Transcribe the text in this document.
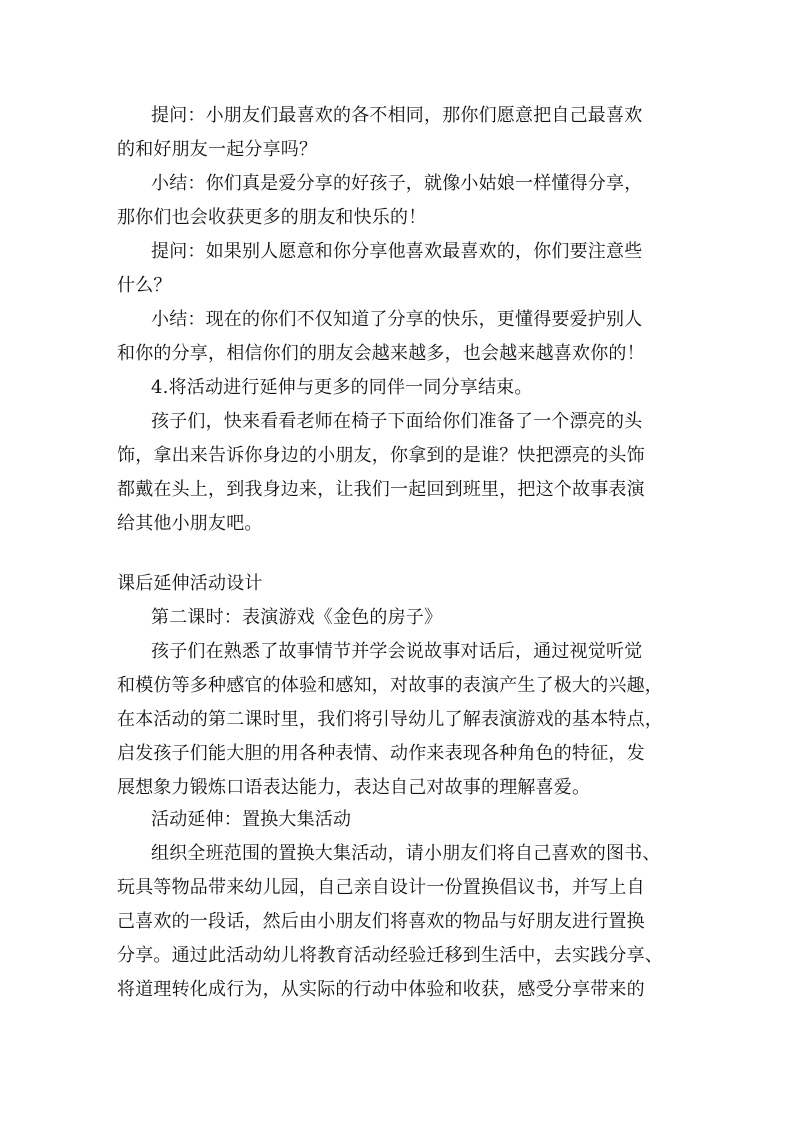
提问：小朋友们最喜欢的各不相同，那你们愿意把自己最喜欢
的和好朋友一起分享吗？
小结：你们真是爱分享的好孩子，就像小姑娘一样懂得分享，
那你们也会收获更多的朋友和快乐的！
提问：如果别人愿意和你分享他喜欢最喜欢的，你们要注意些
什么？
小结：现在的你们不仅知道了分享的快乐，更懂得要爱护别人
和你的分享，相信你们的朋友会越来越多，也会越来越喜欢你的！
4.将活动进行延伸与更多的同伴一同分享结束。
孩子们，快来看看老师在椅子下面给你们准备了一个漂亮的头
饰，拿出来告诉你身边的小朋友，你拿到的是谁？快把漂亮的头饰
都戴在头上，到我身边来，让我们一起回到班里，把这个故事表演
给其他小朋友吧。
课后延伸活动设计
第二课时：表演游戏《金色的房子》
孩子们在熟悉了故事情节并学会说故事对话后，通过视觉听觉
和模仿等多种感官的体验和感知，对故事的表演产生了极大的兴趣，
在本活动的第二课时里，我们将引导幼儿了解表演游戏的基本特点，
启发孩子们能大胆的用各种表情、动作来表现各种角色的特征，发
展想象力锻炼口语表达能力，表达自己对故事的理解喜爱。
活动延伸：置换大集活动
组织全班范围的置换大集活动，请小朋友们将自己喜欢的图书、
玩具等物品带来幼儿园，自己亲自设计一份置换倡议书，并写上自
己喜欢的一段话，然后由小朋友们将喜欢的物品与好朋友进行置换
分享。通过此活动幼儿将教育活动经验迁移到生活中，去实践分享、
将道理转化成行为，从实际的行动中体验和收获，感受分享带来的
